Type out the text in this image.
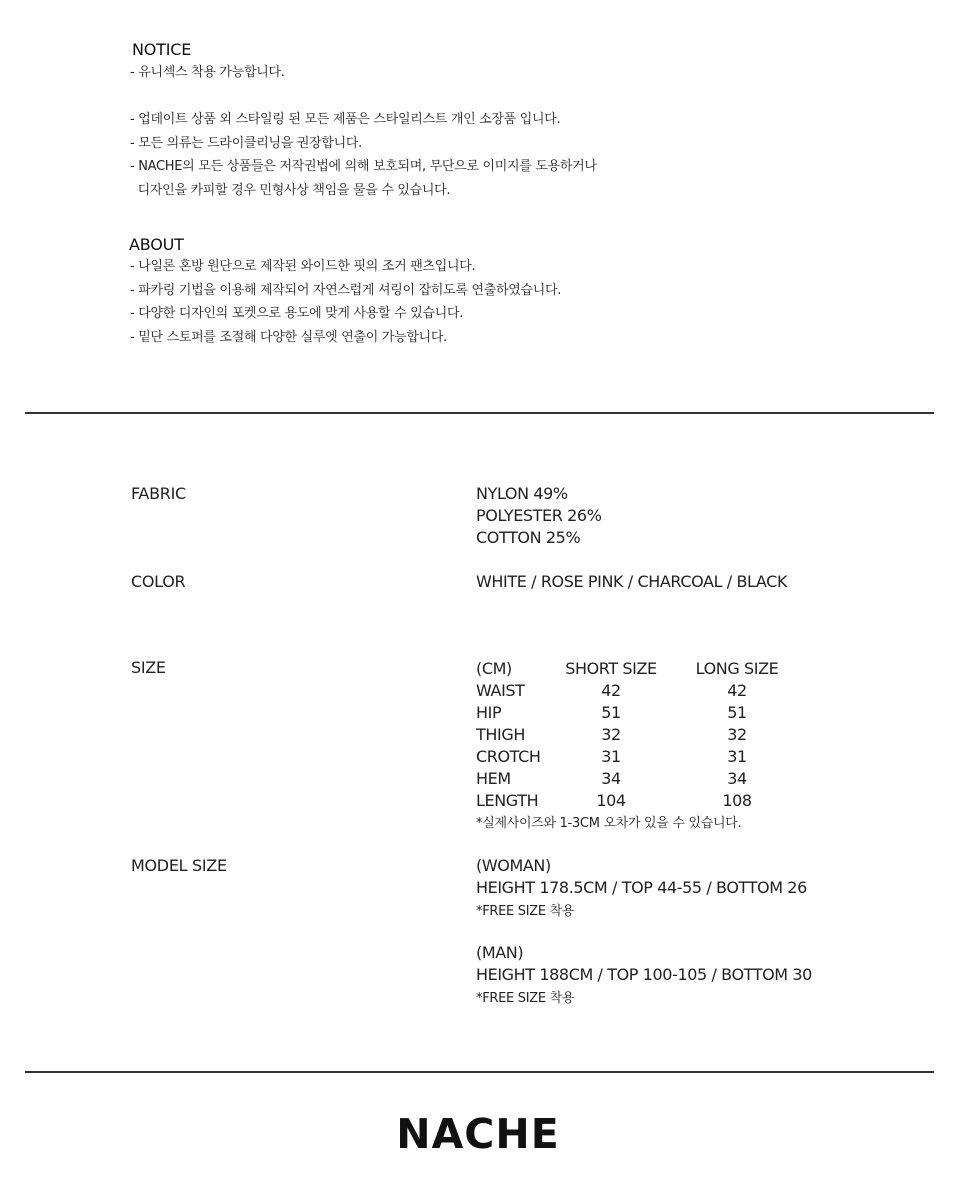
NOTICE
- 유니섹스 착용 가능합니다.

- 업데이트 상품 외 스타일링 된 모든 제품은 스타일리스트 개인 소장품 입니다.
- 모든 의류는 드라이클리닝을 권장합니다.
- NACHE의 모든 상품들은 저작권법에 의해 보호되며, 무단으로 이미지를 도용하거나
디자인을 카피할 경우 민형사상 책임을 물을 수 있습니다.
ABOUT
- 나일론 혼방 원단으로 제작된 와이드한 핏의 조거 팬츠입니다.
- 파카링 기법을 이용해 제작되어 자연스럽게 셔링이 잡히도록 연출하였습니다.
- 다양한 디자인의 포켓으로 용도에 맞게 사용할 수 있습니다.
- 밑단 스토퍼를 조절해 다양한 실루엣 연출이 가능합니다.
FABRIC	NYLON 49%
POLYESTER 26%
COTTON 25%
COLOR	WHITE / ROSE PINK / CHARCOAL / BLACK
SIZE	(CM)	SHORT SIZE	LONG SIZE
WAIST	42	42
HIP	51	51
THIGH	32	32
CROTCH	31	31
HEM	34	34
LENGTH	104	108
*실제사이즈와 1-3CM 오차가 있을 수 있습니다.
MODEL SIZE	(WOMAN)
HEIGHT 178.5CM / TOP 44-55 / BOTTOM 26
*FREE SIZE 착용
(MAN)
HEIGHT 188CM / TOP 100-105 / BOTTOM 30
*FREE SIZE 착용
NACHE
